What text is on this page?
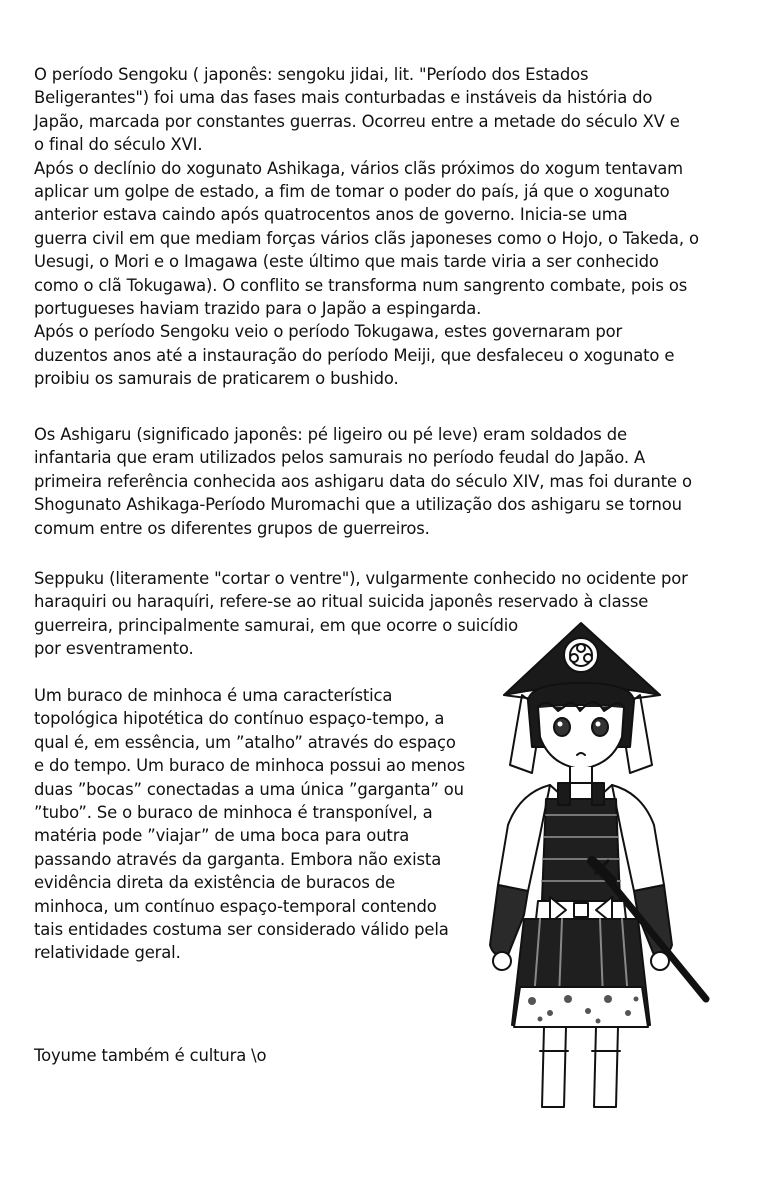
O período Sengoku ( japonês: sengoku jidai, lit. "Período dos Estados
Beligerantes") foi uma das fases mais conturbadas e instáveis da história do
Japão, marcada por constantes guerras. Ocorreu entre a metade do século XV e
o final do século XVI.
Após o declínio do xogunato Ashikaga, vários clãs próximos do xogum tentavam
aplicar um golpe de estado, a fim de tomar o poder do país, já que o xogunato
anterior estava caindo após quatrocentos anos de governo. Inicia-se uma
guerra civil em que mediam forças vários clãs japoneses como o Hojo, o Takeda, o
Uesugi, o Mori e o Imagawa (este último que mais tarde viria a ser conhecido
como o clã Tokugawa). O conflito se transforma num sangrento combate, pois os
portugueses haviam trazido para o Japão a espingarda.
Após o período Sengoku veio o período Tokugawa, estes governaram por
duzentos anos até a instauração do período Meiji, que desfaleceu o xogunato e
proibiu os samurais de praticarem o bushido.

Os Ashigaru (significado japonês: pé ligeiro ou pé leve) eram soldados de
infantaria que eram utilizados pelos samurais no período feudal do Japão. A
primeira referência conhecida aos ashigaru data do século XIV, mas foi durante o
Shogunato Ashikaga-Período Muromachi que a utilização dos ashigaru se tornou
comum entre os diferentes grupos de guerreiros.

Seppuku (literamente "cortar o ventre"), vulgarmente conhecido no ocidente por
haraquiri ou haraquíri, refere-se ao ritual suicida japonês reservado à classe
guerreira, principalmente samurai, em que ocorre o suicídio
por esventramento.

Um buraco de minhoca é uma característica
topológica hipotética do contínuo espaço-tempo, a
qual é, em essência, um ”atalho” através do espaço
e do tempo. Um buraco de minhoca possui ao menos
duas ”bocas” conectadas a uma única ”garganta” ou
”tubo”. Se o buraco de minhoca é transponível, a
matéria pode ”viajar” de uma boca para outra
passando através da garganta. Embora não exista
evidência direta da existência de buracos de
minhoca, um contínuo espaço-temporal contendo
tais entidades costuma ser considerado válido pela
relatividade geral.

Toyume também é cultura \o
